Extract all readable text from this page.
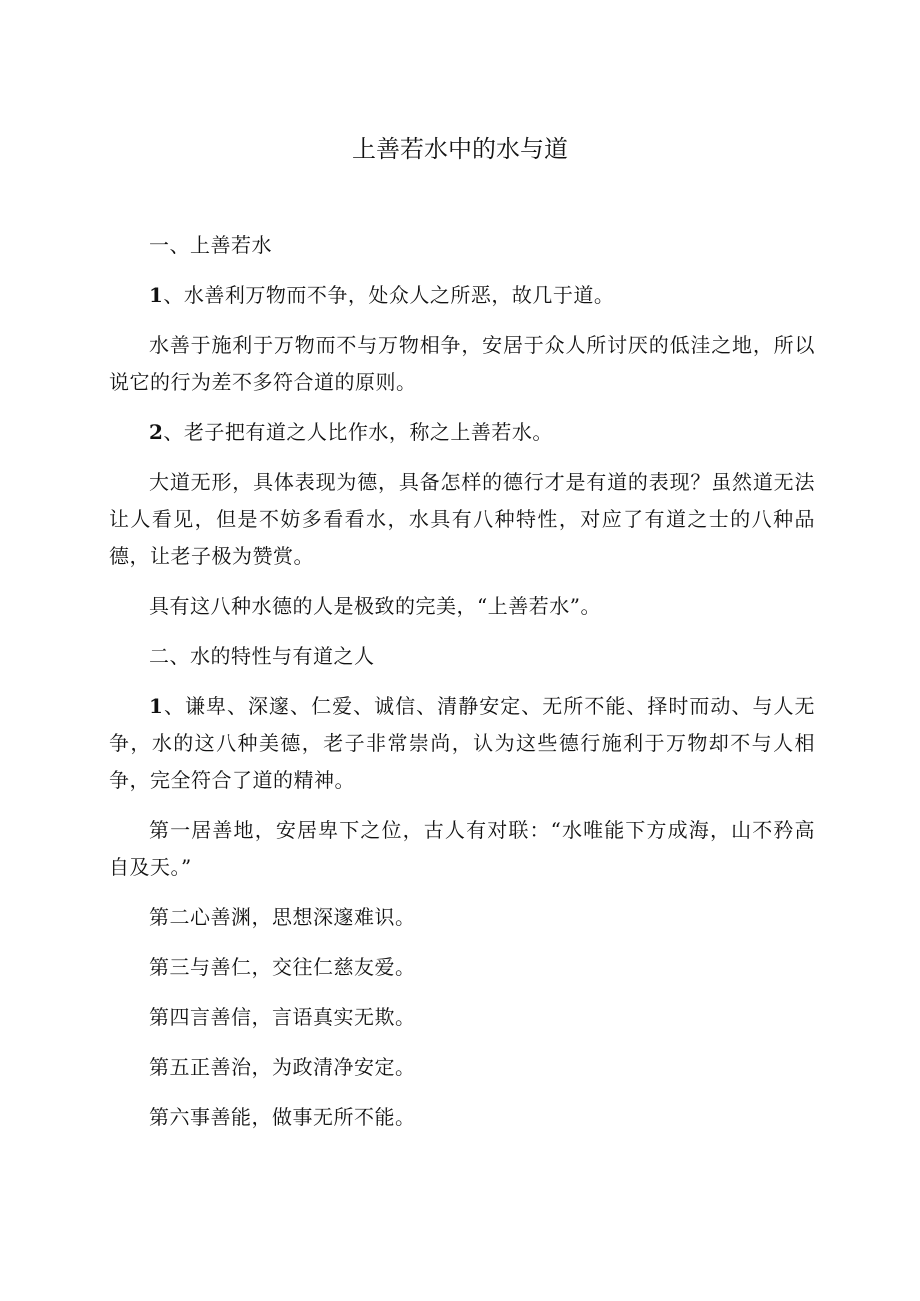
上善若水中的水与道

一、上善若水

1、水善利万物而不争，处众人之所恶，故几于道。

水善于施利于万物而不与万物相争，安居于众人所讨厌的低洼之地，所以说它的行为差不多符合道的原则。

2、老子把有道之人比作水，称之上善若水。

大道无形，具体表现为德，具备怎样的德行才是有道的表现？虽然道无法让人看见，但是不妨多看看水，水具有八种特性，对应了有道之士的八种品德，让老子极为赞赏。

具有这八种水德的人是极致的完美，“上善若水”。

二、水的特性与有道之人

1、谦卑、深邃、仁爱、诚信、清静安定、无所不能、择时而动、与人无争，水的这八种美德，老子非常崇尚，认为这些德行施利于万物却不与人相争，完全符合了道的精神。

第一居善地，安居卑下之位，古人有对联：“水唯能下方成海，山不矜高自及天。”

第二心善渊，思想深邃难识。

第三与善仁，交往仁慈友爱。

第四言善信，言语真实无欺。

第五正善治，为政清净安定。

第六事善能，做事无所不能。
